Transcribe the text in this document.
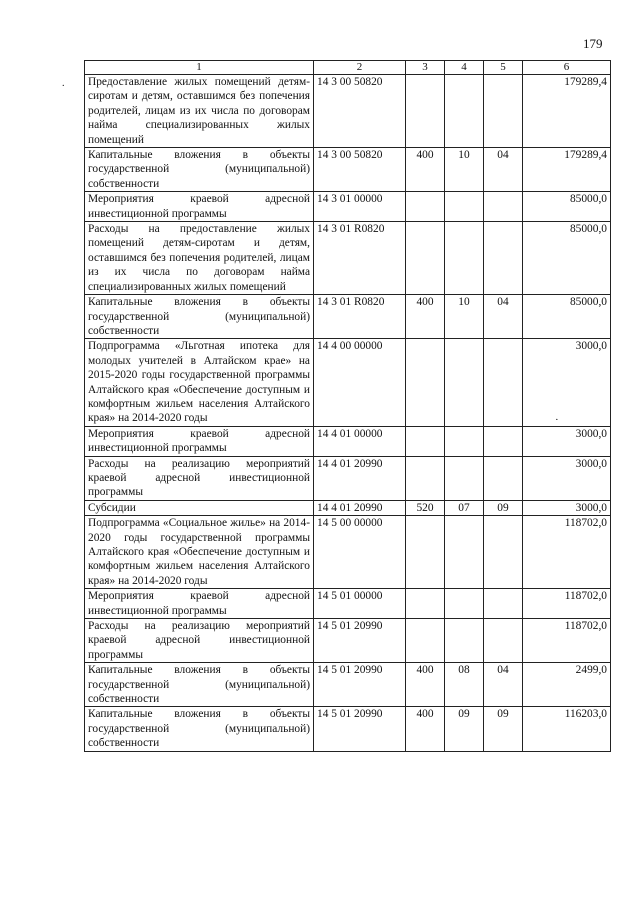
179
.
·
1	2	3	4	5	6
Предоставление жилых помещений детям-сиротам и детям, оставшимся без попечения родителей, лицам из их числа по договорам найма специализированных жилых помещений	14 3 00 50820				179289,4
Капитальные вложения в объекты государственной (муниципальной) собственности	14 3 00 50820	400	10	04	179289,4
Мероприятия краевой адресной инвестиционной программы	14 3 01 00000				85000,0
Расходы на предоставление жилых помещений детям-сиротам и детям, оставшимся без попечения родителей, лицам из их числа по договорам найма специализированных жилых помещений	14 3 01 R0820				85000,0
Капитальные вложения в объекты государственной (муниципальной) собственности	14 3 01 R0820	400	10	04	85000,0
Подпрограмма «Льготная ипотека для молодых учителей в Алтайском крае» на 2015-2020 годы государственной программы Алтайского края «Обеспечение доступным и комфортным жильем населения Алтайского края» на 2014-2020 годы	14 4 00 00000				3000,0
Мероприятия краевой адресной инвестиционной программы	14 4 01 00000				3000,0
Расходы на реализацию мероприятий краевой адресной инвестиционной программы	14 4 01 20990				3000,0
Субсидии	14 4 01 20990	520	07	09	3000,0
Подпрограмма «Социальное жилье» на 2014-2020 годы государственной программы Алтайского края «Обеспечение доступным и комфортным жильем населения Алтайского края» на 2014-2020 годы	14 5 00 00000				118702,0
Мероприятия краевой адресной инвестиционной программы	14 5 01 00000				118702,0
Расходы на реализацию мероприятий краевой адресной инвестиционной программы	14 5 01 20990				118702,0
Капитальные вложения в объекты государственной (муниципальной) собственности	14 5 01 20990	400	08	04	2499,0
Капитальные вложения в объекты государственной (муниципальной) собственности	14 5 01 20990	400	09	09	116203,0
